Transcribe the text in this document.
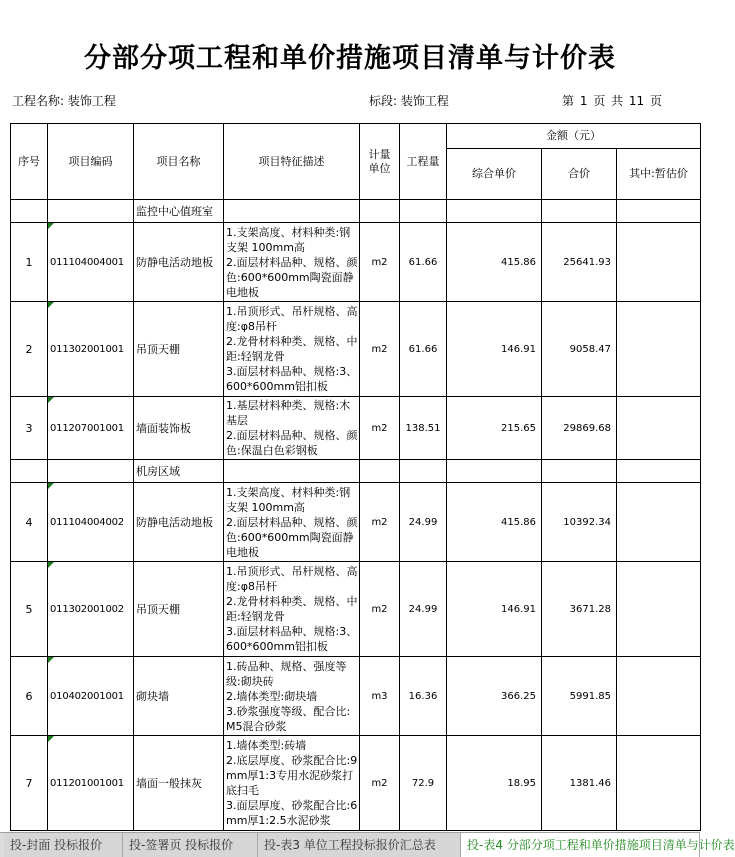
分部分项工程和单价措施项目清单与计价表
工程名称: 装饰工程	标段: 装饰工程	第 1 页 共 11 页
序号	项目编码	项目名称	项目特征描述	计量单位	工程量	金额（元）		
						综合单价	合价	其中:暂估价
		监控中心值班室						
1	011104004001	防静电活动地板	1.支架高度、材料种类:钢支架 100mm高
2.面层材料品种、规格、颜色:600*600mm陶瓷面静电地板	m2	61.66	415.86	25641.93	
2	011302001001	吊顶天棚	1.吊顶形式、吊杆规格、高度:φ8吊杆
2.龙骨材料种类、规格、中距:轻钢龙骨
3.面层材料品种、规格:3、600*600mm铝扣板	m2	61.66	146.91	9058.47	
3	011207001001	墙面装饰板	1.基层材料种类、规格:木基层
2.面层材料品种、规格、颜色:保温白色彩钢板	m2	138.51	215.65	29869.68	
		机房区域						
4	011104004002	防静电活动地板	1.支架高度、材料种类:钢支架 100mm高
2.面层材料品种、规格、颜色:600*600mm陶瓷面静电地板	m2	24.99	415.86	10392.34	
5	011302001002	吊顶天棚	1.吊顶形式、吊杆规格、高度:φ8吊杆
2.龙骨材料种类、规格、中距:轻钢龙骨
3.面层材料品种、规格:3、600*600mm铝扣板	m2	24.99	146.91	3671.28	
6	010402001001	砌块墙	1.砖品种、规格、强度等级:砌块砖
2.墙体类型:砌块墙
3.砂浆强度等级、配合比:M5混合砂浆	m3	16.36	366.25	5991.85	
7	011201001001	墙面一般抹灰	1.墙体类型:砖墙
2.底层厚度、砂浆配合比:9mm厚1:3专用水泥砂浆打底扫毛
3.面层厚度、砂浆配合比:6mm厚1:2.5水泥砂浆	m2	72.9	18.95	1381.46	
投-封面 投标报价	投-签署页 投标报价	投-表3 单位工程投标报价汇总表	投-表4 分部分项工程和单价措施项目清单与计价表
